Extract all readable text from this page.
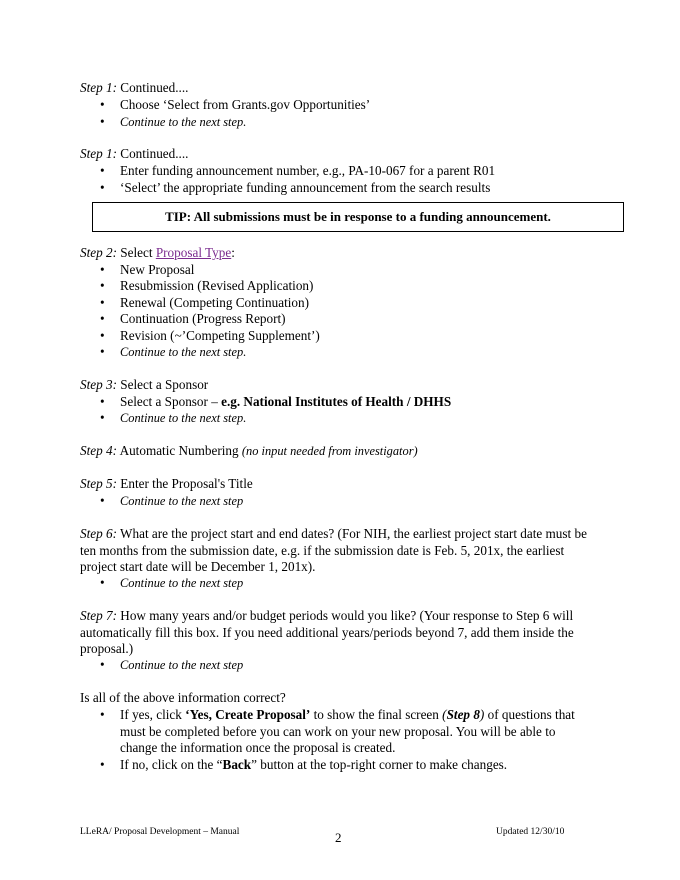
Step 1: Continued....
• Choose ‘Select from Grants.gov Opportunities’
• Continue to the next step.
Step 1: Continued....
• Enter funding announcement number, e.g., PA-10-067 for a parent R01
• ‘Select’ the appropriate funding announcement from the search results
TIP: All submissions must be in response to a funding announcement.
Step 2: Select Proposal Type:
• New Proposal
• Resubmission (Revised Application)
• Renewal (Competing Continuation)
• Continuation (Progress Report)
• Revision (~’Competing Supplement’)
• Continue to the next step.
Step 3: Select a Sponsor
• Select a Sponsor – e.g. National Institutes of Health / DHHS
• Continue to the next step.
Step 4: Automatic Numbering (no input needed from investigator)
Step 5: Enter the Proposal's Title
• Continue to the next step
Step 6: What are the project start and end dates? (For NIH, the earliest project start date must be ten months from the submission date, e.g. if the submission date is Feb. 5, 201x, the earliest project start date will be December 1, 201x).
• Continue to the next step
Step 7: How many years and/or budget periods would you like? (Your response to Step 6 will automatically fill this box. If you need additional years/periods beyond 7, add them inside the proposal.)
• Continue to the next step
Is all of the above information correct?
• If yes, click ‘Yes, Create Proposal’ to show the final screen (Step 8) of questions that must be completed before you can work on your new proposal. You will be able to change the information once the proposal is created.
• If no, click on the “Back” button at the top-right corner to make changes.
LLeRA/ Proposal Development – Manual	2	Updated 12/30/10
